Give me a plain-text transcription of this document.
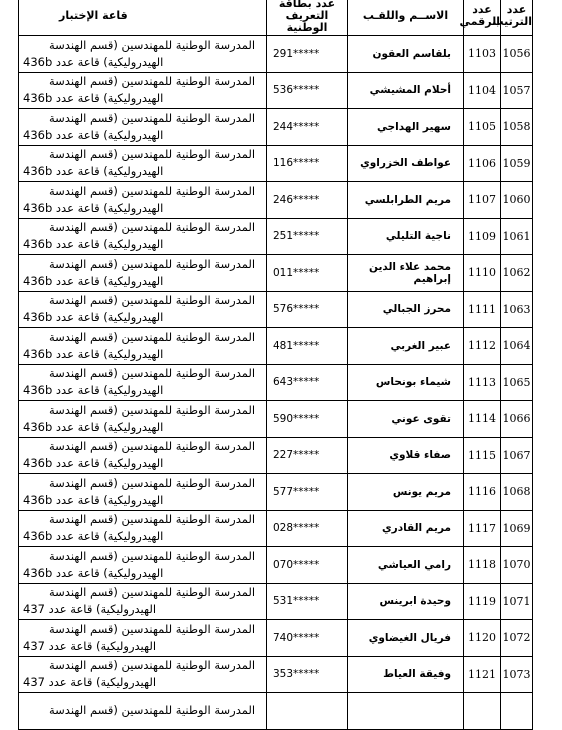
عدد الترتيب	عدد الرقمي	الاســم واللقـب	عدد بطاقة
التعريف الوطنية	قاعة الإختبار
1056	1103	بلقاسم العقون	291*****	المدرسة الوطنية للمهندسين (قسم الهندسة
الهيدروليكية) قاعة عدد 436b

1057	1104	أحلام المشيشي	536*****	المدرسة الوطنية للمهندسين (قسم الهندسة
الهيدروليكية) قاعة عدد 436b

1058	1105	سهير الهداجي	244*****	المدرسة الوطنية للمهندسين (قسم الهندسة
الهيدروليكية) قاعة عدد 436b

1059	1106	عواطف الخزراوي	116*****	المدرسة الوطنية للمهندسين (قسم الهندسة
الهيدروليكية) قاعة عدد 436b

1060	1107	مريم الطرابلسي	246*****	المدرسة الوطنية للمهندسين (قسم الهندسة
الهيدروليكية) قاعة عدد 436b

1061	1109	ناجية التليلي	251*****	المدرسة الوطنية للمهندسين (قسم الهندسة
الهيدروليكية) قاعة عدد 436b

1062	1110	محمد علاء الدين إبراهيم	011*****	المدرسة الوطنية للمهندسين (قسم الهندسة
الهيدروليكية) قاعة عدد 436b

1063	1111	محرز الجبالي	576*****	المدرسة الوطنية للمهندسين (قسم الهندسة
الهيدروليكية) قاعة عدد 436b

1064	1112	عبير الغربي	481*****	المدرسة الوطنية للمهندسين (قسم الهندسة
الهيدروليكية) قاعة عدد 436b

1065	1113	شيماء بونحاس	643*****	المدرسة الوطنية للمهندسين (قسم الهندسة
الهيدروليكية) قاعة عدد 436b

1066	1114	تقوى عوني	590*****	المدرسة الوطنية للمهندسين (قسم الهندسة
الهيدروليكية) قاعة عدد 436b

1067	1115	صفاء قلاوي	227*****	المدرسة الوطنية للمهندسين (قسم الهندسة
الهيدروليكية) قاعة عدد 436b

1068	1116	مريم يونس	577*****	المدرسة الوطنية للمهندسين (قسم الهندسة
الهيدروليكية) قاعة عدد 436b

1069	1117	مريم القادري	028*****	المدرسة الوطنية للمهندسين (قسم الهندسة
الهيدروليكية) قاعة عدد 436b

1070	1118	رامي العياشي	070*****	المدرسة الوطنية للمهندسين (قسم الهندسة
الهيدروليكية) قاعة عدد 436b

1071	1119	وحيدة ابرينس	531*****	المدرسة الوطنية للمهندسين (قسم الهندسة
الهيدروليكية) قاعة عدد 437

1072	1120	فريال الغيضاوي	740*****	المدرسة الوطنية للمهندسين (قسم الهندسة
الهيدروليكية) قاعة عدد 437

1073	1121	وفيقة العياط	353*****	المدرسة الوطنية للمهندسين (قسم الهندسة
الهيدروليكية) قاعة عدد 437

				المدرسة الوطنية للمهندسين (قسم الهندسة
